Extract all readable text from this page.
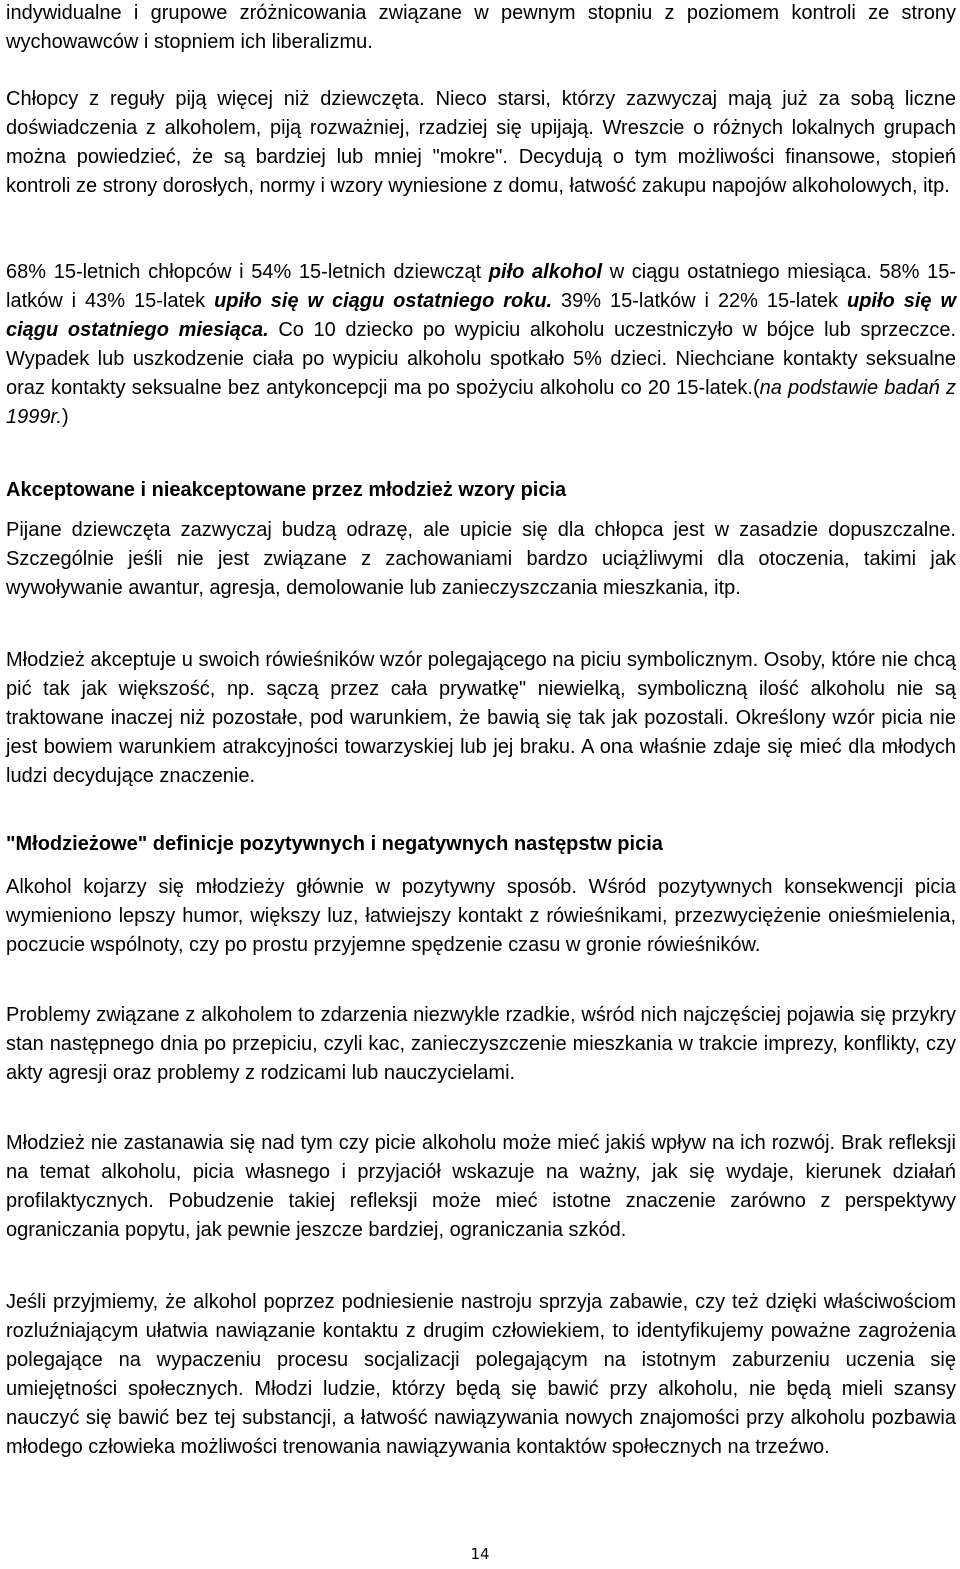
indywidualne i grupowe zróżnicowania związane w pewnym stopniu z poziomem kontroli ze strony wychowawców i stopniem ich liberalizmu.

Chłopcy z reguły piją więcej niż dziewczęta. Nieco starsi, którzy zazwyczaj mają już za sobą liczne doświadczenia z alkoholem, piją rozważniej, rzadziej się upijają. Wreszcie o różnych lokalnych grupach można powiedzieć, że są bardziej lub mniej "mokre". Decydują o tym możliwości finansowe, stopień kontroli ze strony dorosłych, normy i wzory wyniesione z domu, łatwość zakupu napojów alkoholowych, itp.

68% 15-letnich chłopców i 54% 15-letnich dziewcząt piło alkohol w ciągu ostatniego miesiąca. 58% 15-latków i 43% 15-latek upiło się w ciągu ostatniego roku. 39% 15-latków i 22% 15-latek upiło się w ciągu ostatniego miesiąca. Co 10 dziecko po wypiciu alkoholu uczestniczyło w bójce lub sprzeczce. Wypadek lub uszkodzenie ciała po wypiciu alkoholu spotkało 5% dzieci. Niechciane kontakty seksualne oraz kontakty seksualne bez antykoncepcji ma po spożyciu alkoholu co 20 15-latek.(na podstawie badań z 1999r.)

Akceptowane i nieakceptowane przez młodzież wzory picia

Pijane dziewczęta zazwyczaj budzą odrazę, ale upicie się dla chłopca jest w zasadzie dopuszczalne. Szczególnie jeśli nie jest związane z zachowaniami bardzo uciążliwymi dla otoczenia, takimi jak wywoływanie awantur, agresja, demolowanie lub zanieczyszczania mieszkania, itp.

Młodzież akceptuje u swoich rówieśników wzór polegającego na piciu symbolicznym. Osoby, które nie chcą pić tak jak większość, np. sączą przez cała prywatkę" niewielką, symboliczną ilość alkoholu nie są traktowane inaczej niż pozostałe, pod warunkiem, że bawią się tak jak pozostali. Określony wzór picia nie jest bowiem warunkiem atrakcyjności towarzyskiej lub jej braku. A ona właśnie zdaje się mieć dla młodych ludzi decydujące znaczenie.

"Młodzieżowe" definicje pozytywnych i negatywnych następstw picia

Alkohol kojarzy się młodzieży głównie w pozytywny sposób. Wśród pozytywnych konsekwencji picia wymieniono lepszy humor, większy luz, łatwiejszy kontakt z rówieśnikami, przezwyciężenie onieśmielenia, poczucie wspólnoty, czy po prostu przyjemne spędzenie czasu w gronie rówieśników.

Problemy związane z alkoholem to zdarzenia niezwykle rzadkie, wśród nich najczęściej pojawia się przykry stan następnego dnia po przepiciu, czyli kac, zanieczyszczenie mieszkania w trakcie imprezy, konflikty, czy akty agresji oraz problemy z rodzicami lub nauczycielami.

Młodzież nie zastanawia się nad tym czy picie alkoholu może mieć jakiś wpływ na ich rozwój. Brak refleksji na temat alkoholu, picia własnego i przyjaciół wskazuje na ważny, jak się wydaje, kierunek działań profilaktycznych. Pobudzenie takiej refleksji może mieć istotne znaczenie zarówno z perspektywy ograniczania popytu, jak pewnie jeszcze bardziej, ograniczania szkód.

Jeśli przyjmiemy, że alkohol poprzez podniesienie nastroju sprzyja zabawie, czy też dzięki właściwościom rozluźniającym ułatwia nawiązanie kontaktu z drugim człowiekiem, to identyfikujemy poważne zagrożenia polegające na wypaczeniu procesu socjalizacji polegającym na istotnym zaburzeniu uczenia się umiejętności społecznych. Młodzi ludzie, którzy będą się bawić przy alkoholu, nie będą mieli szansy nauczyć się bawić bez tej substancji, a łatwość nawiązywania nowych znajomości przy alkoholu pozbawia młodego człowieka możliwości trenowania nawiązywania kontaktów społecznych na trzeźwo.

14
